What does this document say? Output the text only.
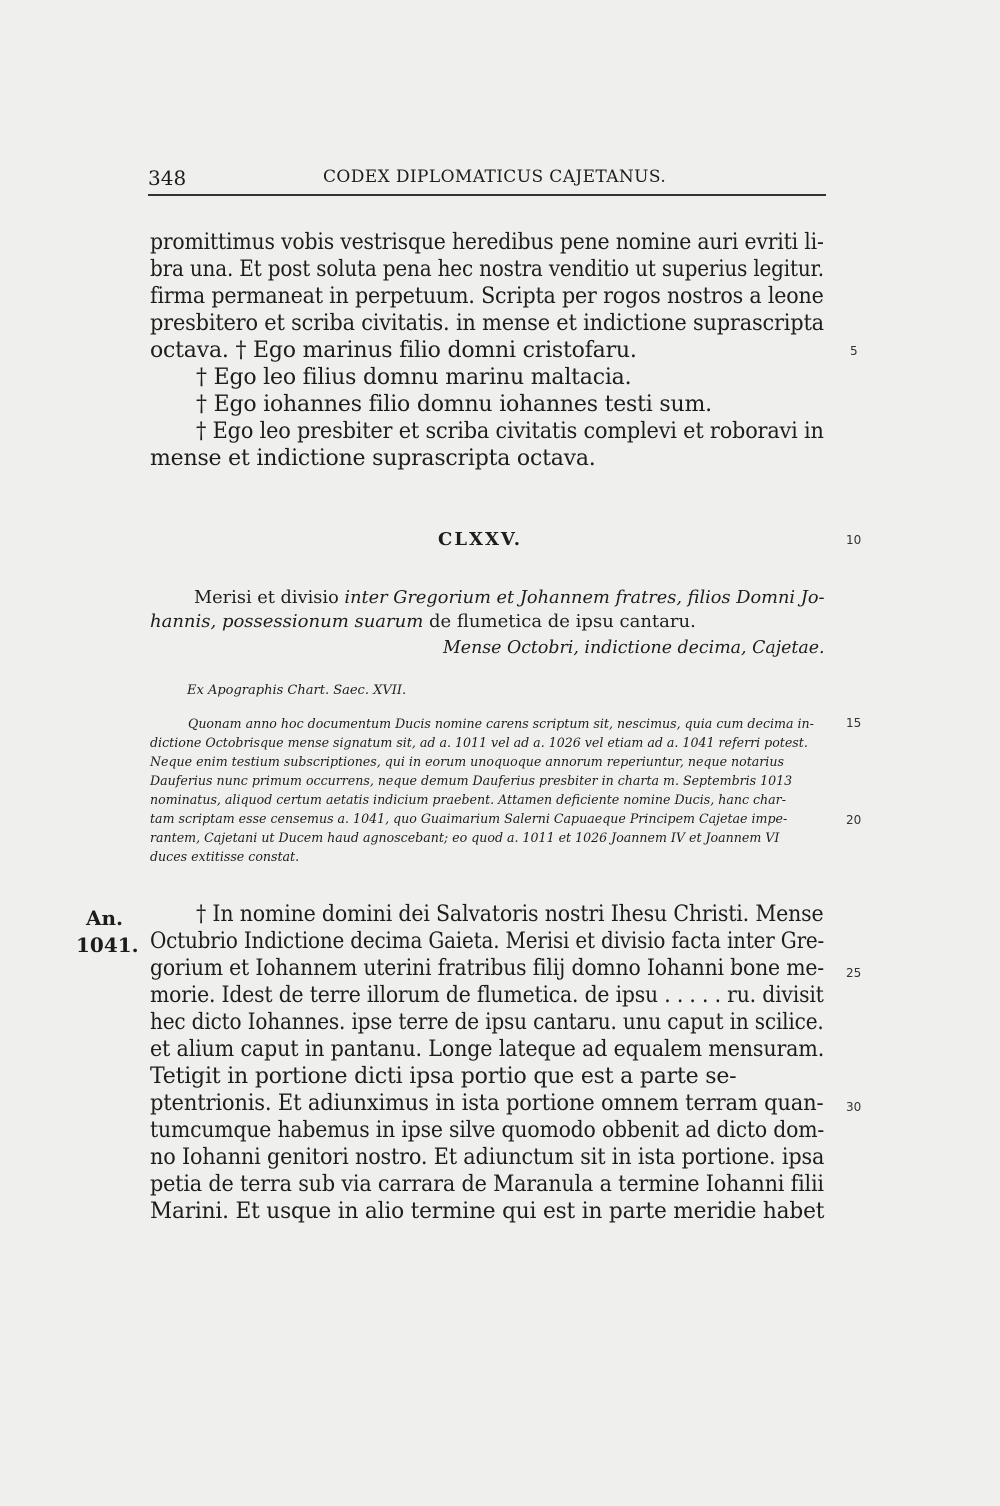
348	CODEX DIPLOMATICUS CAJETANUS.
promittimus vobis vestrisque heredibus pene nomine auri evriti li-
bra una. Et post soluta pena hec nostra venditio ut superius legitur.
firma permaneat in perpetuum. Scripta per rogos nostros a leone
presbitero et scriba civitatis. in mense et indictione suprascripta
octava. † Ego marinus filio domni cristofaru.
† Ego leo filius domnu marinu maltacia.
† Ego iohannes filio domnu iohannes testi sum.
† Ego leo presbiter et scriba civitatis complevi et roboravi in
mense et indictione suprascripta octava.
CLXXV.
Merisi et divisio inter Gregorium et Johannem fratres, filios Domni Jo-
hannis, possessionum suarum de flumetica de ipsu cantaru.
Mense Octobri, indictione decima, Cajetae.
Ex Apographis Chart. Saec. XVII.
Quonam anno hoc documentum Ducis nomine carens scriptum sit, nescimus, quia cum decima in-
dictione Octobrisque mense signatum sit, ad a. 1011 vel ad a. 1026 vel etiam ad a. 1041 referri potest.
Neque enim testium subscriptiones, qui in eorum unoquoque annorum reperiuntur, neque notarius
Dauferius nunc primum occurrens, neque demum Dauferius presbiter in charta m. Septembris 1013
nominatus, aliquod certum aetatis indicium praebent. Attamen deficiente nomine Ducis, hanc char-
tam scriptam esse censemus a. 1041, quo Guaimarium Salerni Capuaeque Principem Cajetae impe-
rantem, Cajetani ut Ducem haud agnoscebant; eo quod a. 1011 et 1026 Joannem IV et Joannem VI
duces extitisse constat.
An.
1041.
† In nomine domini dei Salvatoris nostri Ihesu Christi. Mense
Octubrio Indictione decima Gaieta. Merisi et divisio facta inter Gre-
gorium et Iohannem uterini fratribus filij domno Iohanni bone me-
morie. Idest de terre illorum de flumetica. de ipsu . . . . . ru. divisit
hec dicto Iohannes. ipse terre de ipsu cantaru. unu caput in scilice.
et alium caput in pantanu. Longe lateque ad equalem mensuram.
Tetigit in portione dicti ipsa portio que est a parte se-
ptentrionis. Et adiunximus in ista portione omnem terram quan-
tumcumque habemus in ipse silve quomodo obbenit ad dicto dom-
no Iohanni genitori nostro. Et adiunctum sit in ista portione. ipsa
petia de terra sub via carrara de Maranula a termine Iohanni filii
Marini. Et usque in alio termine qui est in parte meridie habet
5
10
15
20
25
30
